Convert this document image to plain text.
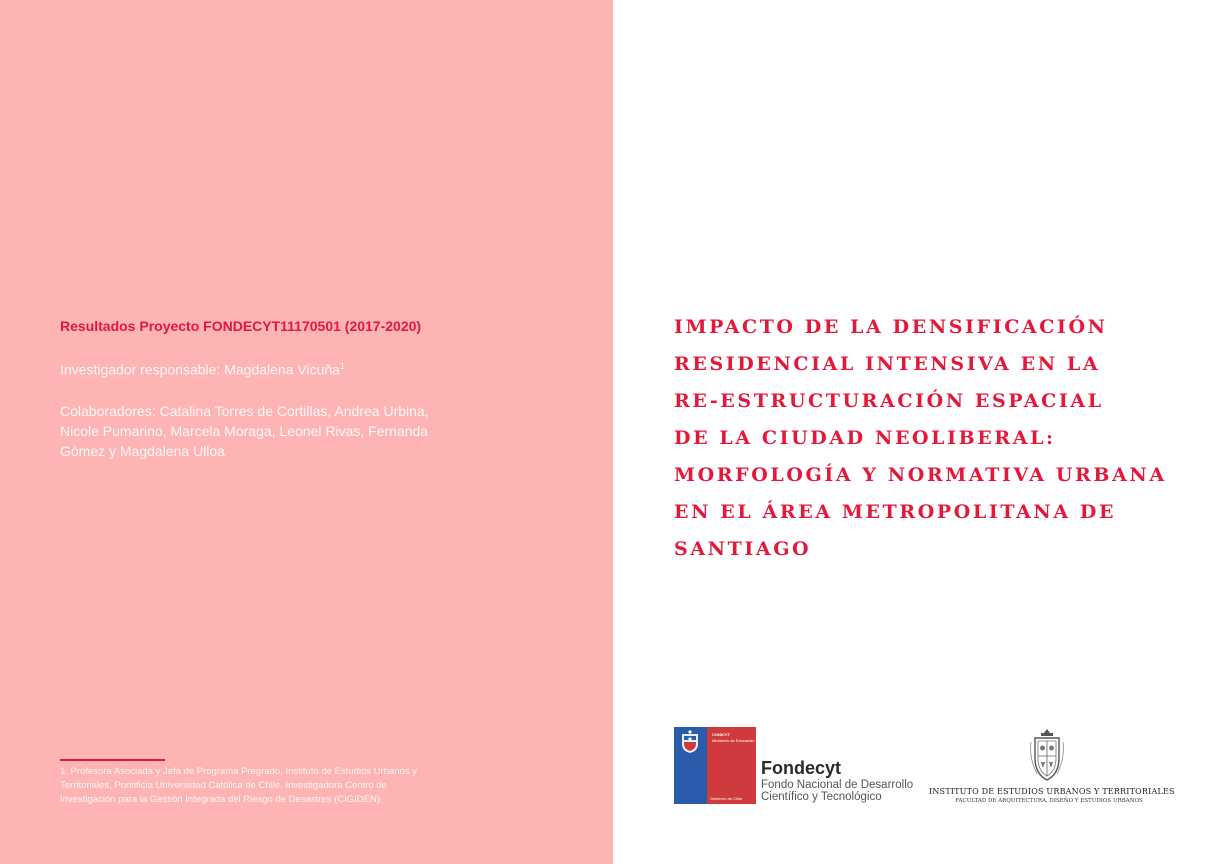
Resultados Proyecto FONDECYT11170501 (2017-2020)
Investigador responsable: Magdalena Vicuña$^1$
Colaboradores: Catalina Torres de Cortillas, Andrea Urbina, Nicole Pumarino, Marcela Moraga, Leonel Rivas, Fernanda Gómez y Magdalena Ulloa
1. Profesora Asociada y Jefa de Programa Pregrado, Instituto de Estudios Urbanos y Territoriales, Pontificia Universidad Católica de Chile. Investigadora Centro de Investigación para la Gestión Integrada del Riesgo de Desastres (CIGIDEN).
IMPACTO DE LA DENSIFICACIÓN
RESIDENCIAL INTENSIVA EN LA
RE-ESTRUCTURACIÓN ESPACIAL
DE LA CIUDAD NEOLIBERAL:
MORFOLOGÍA Y NORMATIVA URBANA
EN EL ÁREA METROPOLITANA DE
SANTIAGO
CONICYT
Ministerio de Educación
Gobierno de Chile
Fondecyt
Fondo Nacional de Desarrollo
Científico y Tecnológico	INSTITUTO DE ESTUDIOS URBANOS Y TERRITORIALES
FACULTAD DE ARQUITECTURA, DISEÑO Y ESTUDIOS URBANOS
